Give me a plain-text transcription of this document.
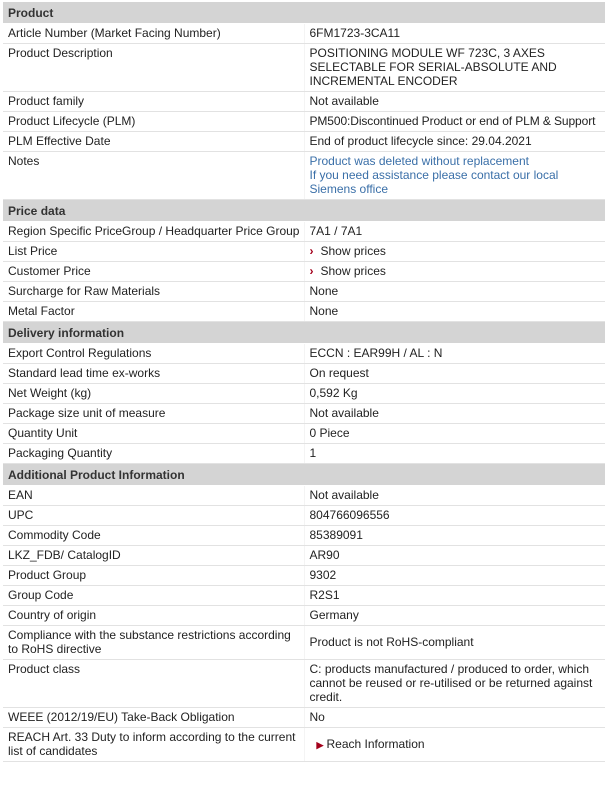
Product	
Article Number (Market Facing Number)	6FM1723-3CA11
Product Description	POSITIONING MODULE WF 723C, 3 AXES SELECTABLE FOR SERIAL-ABSOLUTE AND INCREMENTAL ENCODER
Product family	Not available
Product Lifecycle (PLM)	PM500:Discontinued Product or end of PLM & Support
PLM Effective Date	End of product lifecycle since: 29.04.2021
Notes	Product was deleted without replacement
If you need assistance please contact our local Siemens office

Price data	
Region Specific PriceGroup / Headquarter Price Group	7A1 / 7A1
List Price	› Show prices
Customer Price	› Show prices
Surcharge for Raw Materials	None
Metal Factor	None
Delivery information	
Export Control Regulations	ECCN : EAR99H / AL : N
Standard lead time ex-works	On request
Net Weight (kg)	0,592 Kg
Package size unit of measure	Not available
Quantity Unit	0 Piece
Packaging Quantity	1
Additional Product Information	
EAN	Not available
UPC	804766096556
Commodity Code	85389091
LKZ_FDB/ CatalogID	AR90
Product Group	9302
Group Code	R2S1
Country of origin	Germany
Compliance with the substance restrictions according to RoHS directive	Product is not RoHS-compliant
Product class	C: products manufactured / produced to order, which cannot be reused or re-utilised or be returned against credit.
WEEE (2012/19/EU) Take-Back Obligation	No
REACH Art. 33 Duty to inform according to the current list of candidates	▶ Reach Information
